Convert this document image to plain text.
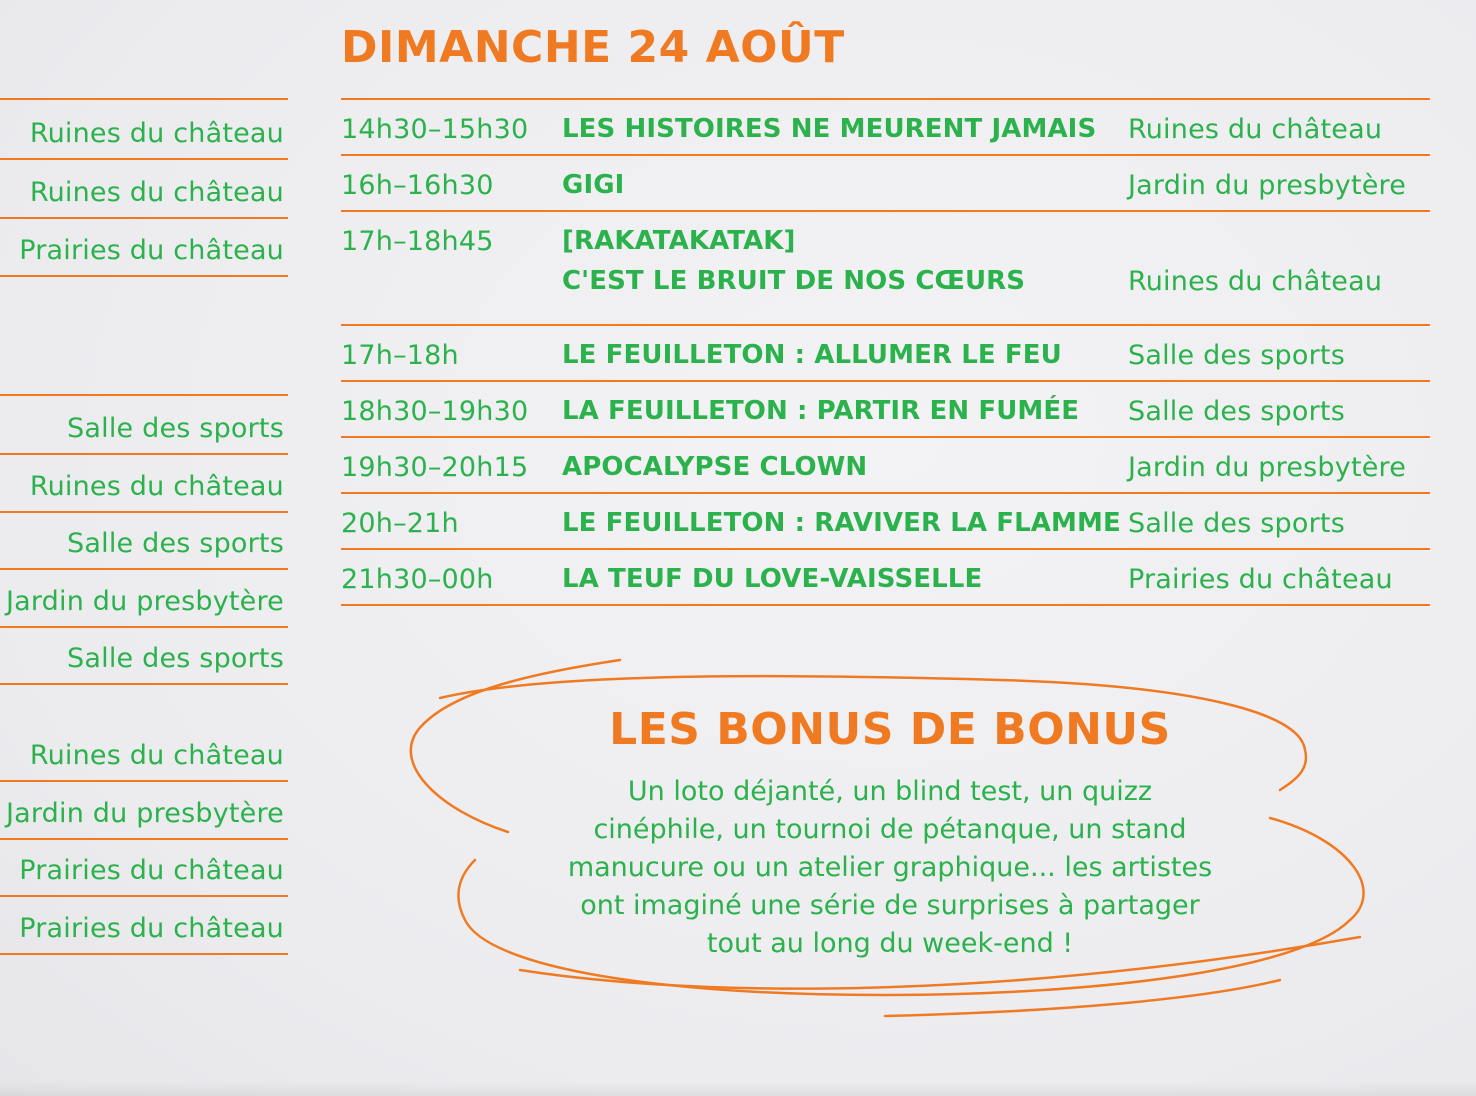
Ruines du château
Ruines du château
Prairies du château
Salle des sports
Ruines du château
Salle des sports
Jardin du presbytère
Salle des sports
Ruines du château
Jardin du presbytère
Prairies du château
Prairies du château
DIMANCHE 24 AOÛT
14h30–15h30 LES HISTOIRES NE MEURENT JAMAIS Ruines du château
16h–16h30	GIGI	Jardin du presbytère
17h–18h45	[RAKATAKATAK]
C'EST LE BRUIT DE NOS CŒURS	Ruines du château
17h–18h	LE FEUILLETON : ALLUMER LE FEU Salle des sports
18h30–19h30 LA FEUILLETON : PARTIR EN FUMÉE Salle des sports
19h30–20h15 APOCALYPSE CLOWN	Jardin du presbytère
20h–21h	LE FEUILLETON : RAVIVER LA FLAMME Salle des sports
21h30–00h	LA TEUF DU LOVE-VAISSELLE	Prairies du château
LES BONUS DE BONUS
Un loto déjanté, un blind test, un quizz
cinéphile, un tournoi de pétanque, un stand
manucure ou un atelier graphique... les artistes
ont imaginé une série de surprises à partager
tout au long du week-end !
